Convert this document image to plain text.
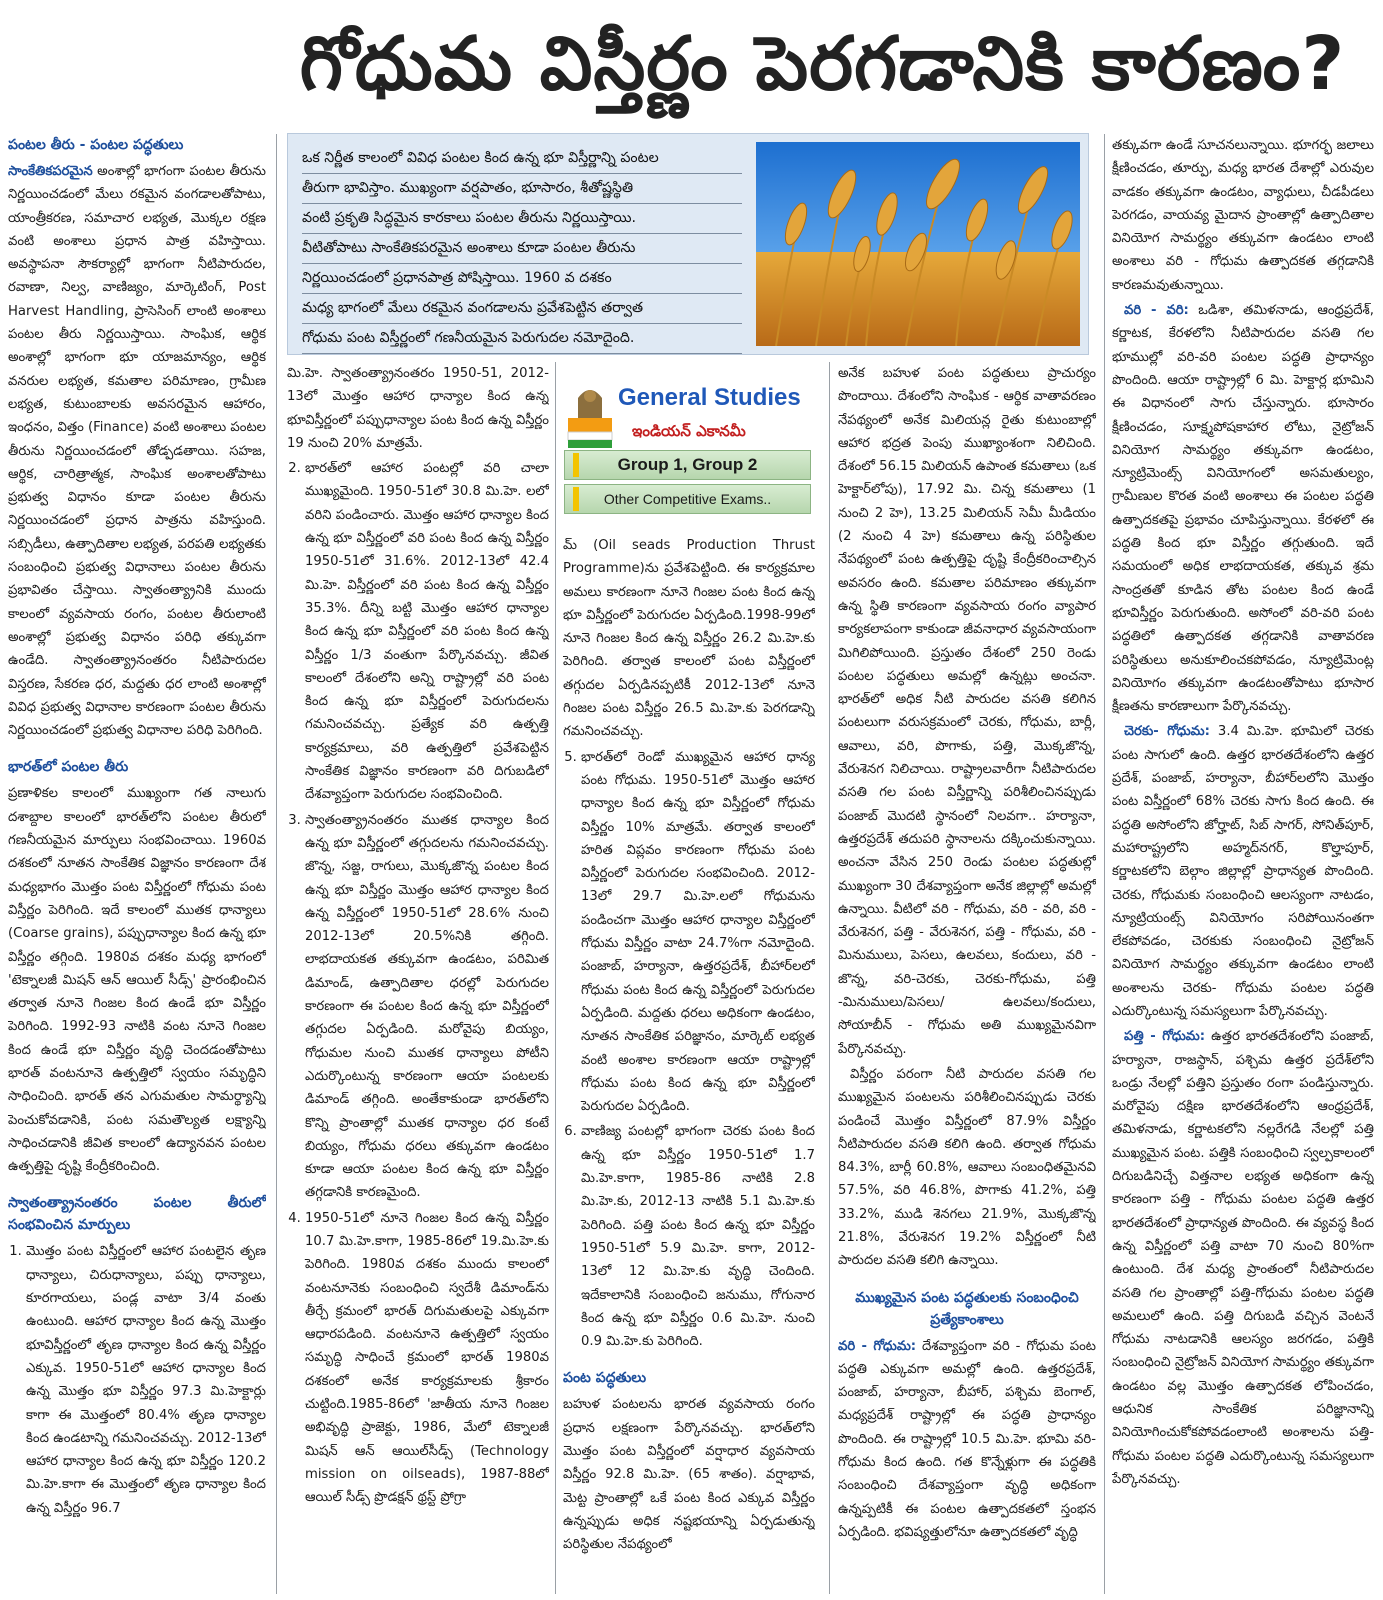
గోధుమ విస్తీర్ణం పెరగడానికి కారణం?
పంటల తీరు - పంటల పద్ధతులు

సాంకేతికపరమైన అంశాల్లో భాగంగా పంటల తీరును నిర్ణయించడంలో మేలు రకమైన వంగడాలతోపాటు, యాంత్రీకరణ, సమాచార లభ్యత, మొక్కల రక్షణ వంటి అంశాలు ప్రధాన పాత్ర వహిస్తాయి. అవస్థాపనా సౌకర్యాల్లో భాగంగా నీటిపారుదల, రవాణా, నిల్వ, వాణిజ్యం, మార్కెటింగ్, Post Harvest Handling, ప్రాసెసింగ్ లాంటి అంశాలు పంటల తీరు నిర్ణయిస్తాయి. సాంఘిక, ఆర్థిక అంశాల్లో భాగంగా భూ యాజమాన్యం, ఆర్థిక వనరుల లభ్యత, కమతాల పరిమాణం, గ్రామీణ లభ్యత, కుటుంబాలకు అవసరమైన ఆహారం, ఇంధనం, విత్తం (Finance) వంటి అంశాలు పంటల తీరును నిర్ణయించడంలో తోడ్పడతాయి. సహజ, ఆర్థిక, చారిత్రాత్మక, సాంఘిక అంశాలతోపాటు ప్రభుత్వ విధానం కూడా పంటల తీరును నిర్ణయించడంలో ప్రధాన పాత్రను వహిస్తుంది. సబ్సిడీలు, ఉత్పాదితాల లభ్యత, పరపతి లభ్యతకు సంబంధించి ప్రభుత్వ విధానాలు పంటల తీరును ప్రభావితం చేస్తాయి. స్వాతంత్య్రానికి ముందు కాలంలో వ్యవసాయ రంగం, పంటల తీరులాంటి అంశాల్లో ప్రభుత్వ విధానం పరిధి తక్కువగా ఉండేది. స్వాతంత్య్రానంతరం నీటిపారుదల విస్తరణ, సేకరణ ధర, మద్దతు ధర లాంటి అంశాల్లో వివిధ ప్రభుత్వ విధానాల కారణంగా పంటల తీరును నిర్ణయించడంలో ప్రభుత్వ విధానాల పరిధి పెరిగింది.

భారత్‌లో పంటల తీరు

ప్రణాళికల కాలంలో ముఖ్యంగా గత నాలుగు దశాబ్దాల కాలంలో భారత్‌లోని పంటల తీరులో గణనీయమైన మార్పులు సంభవించాయి. 1960వ దశకంలో నూతన సాంకేతిక విజ్ఞానం కారణంగా దేశ మధ్యభాగం మొత్తం పంట విస్తీర్ణంలో గోధుమ పంట విస్తీర్ణం పెరిగింది. ఇదే కాలంలో ముతక ధాన్యాలు (Coarse grains), పప్పుధాన్యాల కింద ఉన్న భూ విస్తీర్ణం తగ్గింది. 1980వ దశకం మధ్య భాగంలో 'టెక్నాలజీ మిషన్ ఆన్ ఆయిల్ సీడ్స్' ప్రారంభించిన తర్వాత నూనె గింజల కింద ఉండే భూ విస్తీర్ణం పెరిగింది. 1992-93 నాటికి వంట నూనె గింజల కింద ఉండే భూ విస్తీర్ణం వృద్ధి చెందడంతోపాటు భారత్ వంటనూనె ఉత్పత్తిలో స్వయం సమృద్ధిని సాధించింది. భారత్ తన ఎగుమతుల సామర్థ్యాన్ని పెంచుకోవడానికి, పంట సమతౌల్యత లక్ష్యాన్ని సాధించడానికి జీవిత కాలంలో ఉద్యానవన పంటల ఉత్పత్తిపై దృష్టి కేంద్రీకరించింది.

స్వాతంత్య్రానంతరం పంటల తీరులో సంభవించిన మార్పులు
1. మొత్తం పంట విస్తీర్ణంలో ఆహార పంటలైన తృణ ధాన్యాలు, చిరుధాన్యాలు, పప్పు ధాన్యాలు, కూరగాయలు, పండ్ల వాటా 3/4 వంతు ఉంటుంది. ఆహార ధాన్యాల కింద ఉన్న మొత్తం భూవిస్తీర్ణంలో తృణ ధాన్యాల కింద ఉన్న విస్తీర్ణం ఎక్కువ. 1950-51లో ఆహార ధాన్యాల కింద ఉన్న మొత్తం భూ విస్తీర్ణం 97.3 మి.హెక్టార్లు కాగా ఈ మొత్తంలో 80.4% తృణ ధాన్యాల కింద ఉండటాన్ని గమనించవచ్చు. 2012-13లో ఆహార ధాన్యాల కింద ఉన్న భూ విస్తీర్ణం 120.2 మి.హె.కాగా ఈ మొత్తంలో తృణ ధాన్యాల కింద ఉన్న విస్తీర్ణం 96.7
ఒక నిర్ణీత కాలంలో వివిధ పంటల కింద ఉన్న భూ విస్తీర్ణాన్ని పంటల
తీరుగా భావిస్తాం. ముఖ్యంగా వర్షపాతం, భూసారం, శీతోష్ణస్థితి
వంటి ప్రకృతి సిద్ధమైన కారకాలు పంటల తీరును నిర్ణయిస్తాయి.
వీటితోపాటు సాంకేతికపరమైన అంశాలు కూడా పంటల తీరును
నిర్ణయించడంలో ప్రధానపాత్ర పోషిస్తాయి. 1960 వ దశకం
మధ్య భాగంలో మేలు రకమైన వంగడాలను ప్రవేశపెట్టిన తర్వాత
గోధుమ పంట విస్తీర్ణంలో గణనీయమైన పెరుగుదల నమోదైంది.
General Studies
ఇండియన్ ఎకానమీ
Group 1, Group 2
Other Competitive Exams..

మి.హె. స్వాతంత్య్రానంతరం 1950-51, 2012-13లో మొత్తం ఆహార ధాన్యాల కింద ఉన్న భూవిస్తీర్ణంలో పప్పుధాన్యాల పంట కింద ఉన్న విస్తీర్ణం 19 నుంచి 20% మాత్రమే.

2. భారత్‌లో ఆహార పంటల్లో వరి చాలా ముఖ్యమైంది. 1950-51లో 30.8 మి.హె. లలో వరిని పండించారు. మొత్తం ఆహార ధాన్యాల కింద ఉన్న భూ విస్తీర్ణంలో వరి పంట కింద ఉన్న విస్తీర్ణం 1950-51లో 31.6%. 2012-13లో 42.4 మి.హె. విస్తీర్ణంలో వరి పంట కింద ఉన్న విస్తీర్ణం 35.3%. దీన్ని బట్టి మొత్తం ఆహార ధాన్యాల కింద ఉన్న భూ విస్తీర్ణంలో వరి పంట కింద ఉన్న విస్తీర్ణం 1/3 వంతుగా పేర్కొనవచ్చు. జీవిత కాలంలో దేశంలోని అన్ని రాష్ట్రాల్లో వరి పంట కింద ఉన్న భూ విస్తీర్ణంలో పెరుగుదలను గమనించవచ్చు. ప్రత్యేక వరి ఉత్పత్తి కార్యక్రమాలు, వరి ఉత్పత్తిలో ప్రవేశపెట్టిన సాంకేతిక విజ్ఞానం కారణంగా వరి దిగుబడిలో దేశవ్యాప్తంగా పెరుగుదల సంభవించింది.
3. స్వాతంత్య్రానంతరం ముతక ధాన్యాల కింద ఉన్న భూ విస్తీర్ణంలో తగ్గుదలను గమనించవచ్చు. జొన్న, సజ్జ, రాగులు, మొక్కజొన్న పంటల కింద ఉన్న భూ విస్తీర్ణం మొత్తం ఆహార ధాన్యాల కింద ఉన్న విస్తీర్ణంలో 1950-51లో 28.6% నుంచి 2012-13లో 20.5%నికి తగ్గింది. లాభదాయకత తక్కువగా ఉండటం, పరిమిత డిమాండ్, ఉత్పాదితాల ధరల్లో పెరుగుదల కారణంగా ఈ పంటల కింద ఉన్న భూ విస్తీర్ణంలో తగ్గుదల ఏర్పడింది. మరోవైపు బియ్యం, గోధుమల నుంచి ముతక ధాన్యాలు పోటీని ఎదుర్కొంటున్న కారణంగా ఆయా పంటలకు డిమాండ్ తగ్గింది. అంతేకాకుండా భారత్‌లోని కొన్ని ప్రాంతాల్లో ముతక ధాన్యాల ధర కంటే బియ్యం, గోధుమ ధరలు తక్కువగా ఉండటం కూడా ఆయా పంటల కింద ఉన్న భూ విస్తీర్ణం తగ్గడానికి కారణమైంది.
4. 1950-51లో నూనె గింజల కింద ఉన్న విస్తీర్ణం 10.7 మి.హె.కాగా, 1985-86లో 19.మి.హె.కు పెరిగింది. 1980వ దశకం ముందు కాలంలో వంటనూనెకు సంబంధించి స్వదేశీ డిమాండ్‌ను తీర్చే క్రమంలో భారత్ దిగుమతులపై ఎక్కువగా ఆధారపడింది. వంటనూనె ఉత్పత్తిలో స్వయం సమృద్ధి సాధించే క్రమంలో భారత్ 1980వ దశకంలో అనేక కార్యక్రమాలకు శ్రీకారం చుట్టింది.1985-86లో 'జాతీయ నూనె గింజల అభివృద్ధి ప్రాజెక్టు, 1986, మేలో టెక్నాలజీ మిషన్ ఆన్ ఆయిల్‌సీడ్స్ (Technology mission on oilseads), 1987-88లో ఆయిల్ సీడ్స్ ప్రొడక్షన్ థ్రస్ట్ ప్రోగ్రా

మ్ (Oil seads Production Thrust Programme)ను ప్రవేశపెట్టింది. ఈ కార్యక్రమాల అమలు కారణంగా నూనె గింజల పంట కింద ఉన్న భూ విస్తీర్ణంలో పెరుగుదల ఏర్పడింది.1998-99లో నూనె గింజల కింద ఉన్న విస్తీర్ణం 26.2 మి.హె.కు పెరిగింది. తర్వాత కాలంలో పంట విస్తీర్ణంలో తగ్గుదల ఏర్పడినప్పటికీ 2012-13లో నూనె గింజల పంట విస్తీర్ణం 26.5 మి.హె.కు పెరగడాన్ని గమనించవచ్చు.

5. భారత్‌లో రెండో ముఖ్యమైన ఆహార ధాన్య పంట గోధుమ. 1950-51లో మొత్తం ఆహార ధాన్యాల కింద ఉన్న భూ విస్తీర్ణంలో గోధుమ విస్తీర్ణం 10% మాత్రమే. తర్వాత కాలంలో హరిత విప్లవం కారణంగా గోధుమ పంట విస్తీర్ణంలో పెరుగుదల సంభవించింది. 2012-13లో 29.7 మి.హె.లలో గోధుమను పండించగా మొత్తం ఆహార ధాన్యాల విస్తీర్ణంలో గోధుమ విస్తీర్ణం వాటా 24.7%గా నమోదైంది. పంజాబ్, హర్యానా, ఉత్తరప్రదేశ్, బీహార్‌లలో గోధుమ పంట కింద ఉన్న విస్తీర్ణంలో పెరుగుదల ఏర్పడింది. మద్దతు ధరలు అధికంగా ఉండటం, నూతన సాంకేతిక పరిజ్ఞానం, మార్కెట్ లభ్యత వంటి అంశాల కారణంగా ఆయా రాష్ట్రాల్లో గోధుమ పంట కింద ఉన్న భూ విస్తీర్ణంలో పెరుగుదల ఏర్పడింది.
6. వాణిజ్య పంటల్లో భాగంగా చెరకు పంట కింద ఉన్న భూ విస్తీర్ణం 1950-51లో 1.7 మి.హె.కాగా, 1985-86 నాటికి 2.8 మి.హె.కు, 2012-13 నాటికి 5.1 మి.హె.కు పెరిగింది. పత్తి పంట కింద ఉన్న భూ విస్తీర్ణం 1950-51లో 5.9 మి.హె. కాగా, 2012-13లో 12 మి.హె.కు వృద్ధి చెందింది. ఇదేకాలానికి సంబంధించి జనుము, గోగునార కింద ఉన్న భూ విస్తీర్ణం 0.6 మి.హె. నుంచి 0.9 మి.హె.కు పెరిగింది.
పంట పద్ధతులు

బహుళ పంటలను భారత వ్యవసాయ రంగం ప్రధాన లక్షణంగా పేర్కొనవచ్చు. భారత్‌లోని మొత్తం పంట విస్తీర్ణంలో వర్షాధార వ్యవసాయ విస్తీర్ణం 92.8 మి.హె. (65 శాతం). వర్షాభావ, మెట్ట ప్రాంతాల్లో ఒకే పంట కింద ఎక్కువ విస్తీర్ణం ఉన్నప్పుడు అధిక నష్టభయాన్ని ఏర్పడుతున్న పరిస్థితుల నేపథ్యంలో

అనేక బహుళ పంట పద్ధతులు ప్రాచుర్యం పొందాయి. దేశంలోని సాంఘిక - ఆర్థిక వాతావరణం నేపథ్యంలో అనేక మిలియన్ల రైతు కుటుంబాల్లో ఆహార భద్రత పెంపు ముఖ్యాంశంగా నిలిచింది. దేశంలో 56.15 మిలియన్ ఉపాంత కమతాలు (ఒక హెక్టార్‌లోపు), 17.92 మి. చిన్న కమతాలు (1 నుంచి 2 హె), 13.25 మిలియన్ సెమీ మీడియం (2 నుంచి 4 హె) కమతాలు ఉన్న పరిస్థితుల నేపథ్యంలో పంట ఉత్పత్తిపై దృష్టి కేంద్రీకరించాల్సిన అవసరం ఉంది. కమతాల పరిమాణం తక్కువగా ఉన్న స్థితి కారణంగా వ్యవసాయ రంగం వ్యాపార కార్యకలాపంగా కాకుండా జీవనాధార వ్యవసాయంగా మిగిలిపోయింది. ప్రస్తుతం దేశంలో 250 రెండు పంటల పద్ధతులు అమల్లో ఉన్నట్లు అంచనా. భారత్‌లో అధిక నీటి పారుదల వసతి కలిగిన పంటలుగా వరుసక్రమంలో చెరకు, గోధుమ, బార్లీ, ఆవాలు, వరి, పొగాకు, పత్తి, మొక్కజొన్న, వేరుశెనగ నిలిచాయి. రాష్ట్రాలవారీగా నీటిపారుదల వసతి గల పంట విస్తీర్ణాన్ని పరిశీలించినప్పుడు పంజాబ్ మొదటి స్థానంలో నిలవగా.. హర్యానా, ఉత్తరప్రదేశ్ తదుపరి స్థానాలను దక్కించుకున్నాయి. అంచనా వేసిన 250 రెండు పంటల పద్ధతుల్లో ముఖ్యంగా 30 దేశవ్యాప్తంగా అనేక జిల్లాల్లో అమల్లో ఉన్నాయి. వీటిలో వరి - గోధుమ, వరి - వరి, వరి - వేరుశెనగ, పత్తి - వేరుశెనగ, పత్తి - గోధుమ, వరి - మినుములు, పెసలు, ఉలవలు, కందులు, వరి - జొన్న, వరి-చెరకు, చెరకు-గోధుమ, పత్తి -మినుములు/పెసలు/ ఉలవలు/కందులు, సోయాబీన్ - గోధుమ అతి ముఖ్యమైనవిగా పేర్కొనవచ్చు.

విస్తీర్ణం పరంగా నీటి పారుదల వసతి గల ముఖ్యమైన పంటలను పరిశీలించినప్పుడు చెరకు పండించే మొత్తం విస్తీర్ణంలో 87.9% విస్తీర్ణం నీటిపారుదల వసతి కలిగి ఉంది. తర్వాత గోధుమ 84.3%, బార్లీ 60.8%, ఆవాలు సంబంధితమైనవి 57.5%, వరి 46.8%, పొగాకు 41.2%, పత్తి 33.2%, ముడి శెనగలు 21.9%, మొక్కజొన్న 21.8%, వేరుశెనగ 19.2% విస్తీర్ణంలో నీటి పారుదల వసతి కలిగి ఉన్నాయి.

ముఖ్యమైన పంట పద్ధతులకు సంబంధించి ప్రత్యేకాంశాలు

వరి - గోధుమ: దేశవ్యాప్తంగా వరి - గోధుమ పంట పద్ధతి ఎక్కువగా అమల్లో ఉంది. ఉత్తరప్రదేశ్, పంజాబ్, హర్యానా, బీహార్, పశ్చిమ బెంగాల్, మధ్యప్రదేశ్ రాష్ట్రాల్లో ఈ పద్ధతి ప్రాధాన్యం పొందింది. ఈ రాష్ట్రాల్లో 10.5 మి.హె. భూమి వరి-గోధుమ కింద ఉంది. గత కొన్నేళ్లుగా ఈ పద్ధతికి సంబంధించి దేశవ్యాప్తంగా వృద్ధి అధికంగా ఉన్నప్పటికీ ఈ పంటల ఉత్పాదకతలో స్తంభన ఏర్పడింది. భవిష్యత్తులోనూ ఉత్పాదకతలో వృద్ధి

తక్కువగా ఉండే సూచనలున్నాయి. భూగర్భ జలాలు క్షీణించడం, తూర్పు, మధ్య భారత దేశాల్లో ఎరువుల వాడకం తక్కువగా ఉండటం, వ్యాధులు, చీడపీడలు పెరగడం, వాయవ్య మైదాన ప్రాంతాల్లో ఉత్పాదితాల వినియోగ సామర్థ్యం తక్కువగా ఉండటం లాంటి అంశాలు వరి - గోధుమ ఉత్పాదకత తగ్గడానికి కారణమవుతున్నాయి.

వరి - వరి: ఒడిశా, తమిళనాడు, ఆంధ్రప్రదేశ్, కర్ణాటక, కేరళలోని నీటిపారుదల వసతి గల భూముల్లో వరి-వరి పంటల పద్ధతి ప్రాధాన్యం పొందింది. ఆయా రాష్ట్రాల్లో 6 మి. హెక్టార్ల భూమిని ఈ విధానంలో సాగు చేస్తున్నారు. భూసారం క్షీణించడం, సూక్ష్మపోషకాహార లోటు, నైట్రోజన్ వినియోగ సామర్థ్యం తక్కువగా ఉండటం, న్యూట్రిమెంట్స్ వినియోగంలో అసమతుల్యం, గ్రామీణుల కొరత వంటి అంశాలు ఈ పంటల పద్ధతి ఉత్పాదకతపై ప్రభావం చూపిస్తున్నాయి. కేరళలో ఈ పద్ధతి కింద భూ విస్తీర్ణం తగ్గుతుంది. ఇదే సమయంలో అధిక లాభదాయకత, తక్కువ శ్రమ సాంద్రతతో కూడిన తోట పంటల కింద ఉండే భూవిస్తీర్ణం పెరుగుతుంది. అసోంలో వరి-వరి పంట పద్ధతిలో ఉత్పాదకత తగ్గడానికి వాతావరణ పరిస్థితులు అనుకూలించకపోవడం, న్యూట్రిమెంట్ల వినియోగం తక్కువగా ఉండటంతోపాటు భూసార క్షీణతను కారణాలుగా పేర్కొనవచ్చు.

చెరకు- గోధుమ: 3.4 మి.హె. భూమిలో చెరకు పంట సాగులో ఉంది. ఉత్తర భారతదేశంలోని ఉత్తర ప్రదేశ్, పంజాబ్, హర్యానా, బీహార్‌లలోని మొత్తం పంట విస్తీర్ణంలో 68% చెరకు సాగు కింద ఉంది. ఈ పద్ధతి అసోంలోని జోర్హాట్, సిబ్ సాగర్, సోనిత్‌పూర్, మహారాష్ట్రలోని అహ్మద్‌నగర్, కొల్హాపూర్, కర్ణాటకలోని బెల్గాం జిల్లాల్లో ప్రాధాన్యత పొందింది. చెరకు, గోధుమకు సంబంధించి ఆలస్యంగా నాటడం, న్యూట్రియంట్స్ వినియోగం సరిపోయినంతగా లేకపోవడం, చెరకుకు సంబంధించి నైట్రోజన్ వినియోగ సామర్థ్యం తక్కువగా ఉండటం లాంటి అంశాలను చెరకు- గోధుమ పంటల పద్ధతి ఎదుర్కొంటున్న సమస్యలుగా పేర్కొనవచ్చు.

పత్తి - గోధుమ: ఉత్తర భారతదేశంలోని పంజాబ్, హర్యానా, రాజస్థాన్, పశ్చిమ ఉత్తర ప్రదేశ్‌లోని ఒండ్రు నేలల్లో పత్తిని ప్రస్తుతం రంగా పండిస్తున్నారు. మరోవైపు దక్షిణ భారతదేశంలోని ఆంధ్రప్రదేశ్, తమిళనాడు, కర్ణాటకలోని నల్లరేగడి నేలల్లో పత్తి ముఖ్యమైన పంట. పత్తికి సంబంధించి స్వల్పకాలంలో దిగుబడినిచ్చే విత్తనాల లభ్యత అధికంగా ఉన్న కారణంగా పత్తి - గోధుమ పంటల పద్ధతి ఉత్తర భారతదేశంలో ప్రాధాన్యత పొందింది. ఈ వ్యవస్థ కింద ఉన్న విస్తీర్ణంలో పత్తి వాటా 70 నుంచి 80%గా ఉంటుంది. దేశ మధ్య ప్రాంతంలో నీటిపారుదల వసతి గల ప్రాంతాల్లో పత్తి-గోధుమ పంటల పద్ధతి అమలులో ఉంది. పత్తి దిగుబడి వచ్చిన వెంటనే గోధుమ నాటడానికి ఆలస్యం జరగడం, పత్తికి సంబంధించి నైట్రోజన్ వినియోగ సామర్థ్యం తక్కువగా ఉండటం వల్ల మొత్తం ఉత్పాదకత లోపించడం, ఆధునిక సాంకేతిక పరిజ్ఞానాన్ని వినియోగించుకోకపోవడంలాంటి అంశాలను పత్తి-గోధుమ పంటల పద్ధతి ఎదుర్కొంటున్న సమస్యలుగా పేర్కొనవచ్చు.
